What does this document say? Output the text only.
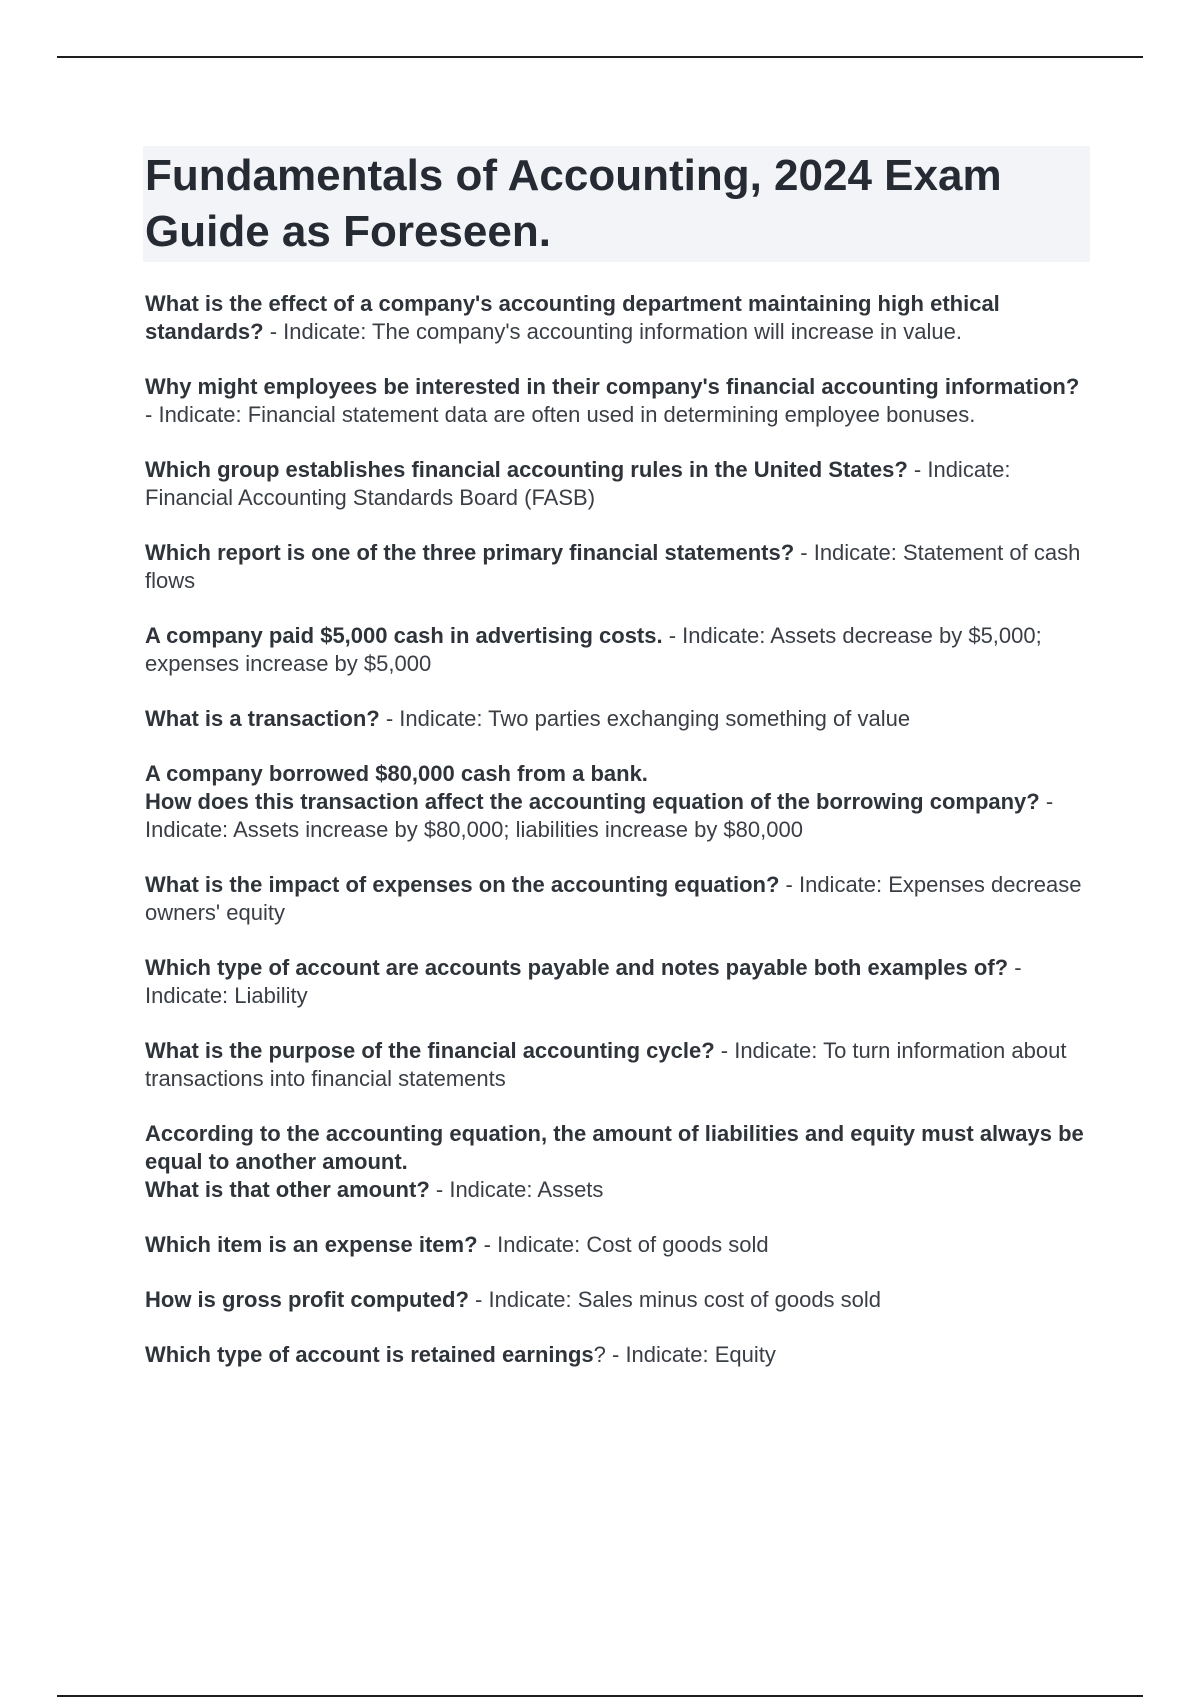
Fundamentals of Accounting, 2024 Exam Guide as Foreseen.

What is the effect of a company's accounting department maintaining high ethical standards? - Indicate: The company's accounting information will increase in value.

Why might employees be interested in their company's financial accounting information? - Indicate: Financial statement data are often used in determining employee bonuses.

Which group establishes financial accounting rules in the United States? - Indicate: Financial Accounting Standards Board (FASB)

Which report is one of the three primary financial statements? - Indicate: Statement of cash flows

A company paid $5,000 cash in advertising costs. - Indicate: Assets decrease by $5,000; expenses increase by $5,000

What is a transaction? - Indicate: Two parties exchanging something of value

A company borrowed $80,000 cash from a bank.
How does this transaction affect the accounting equation of the borrowing company? - Indicate: Assets increase by $80,000; liabilities increase by $80,000

What is the impact of expenses on the accounting equation? - Indicate: Expenses decrease owners' equity

Which type of account are accounts payable and notes payable both examples of? - Indicate: Liability

What is the purpose of the financial accounting cycle? - Indicate: To turn information about transactions into financial statements

According to the accounting equation, the amount of liabilities and equity must always be equal to another amount.
What is that other amount? - Indicate: Assets

Which item is an expense item? - Indicate: Cost of goods sold

How is gross profit computed? - Indicate: Sales minus cost of goods sold

Which type of account is retained earnings? - Indicate: Equity
